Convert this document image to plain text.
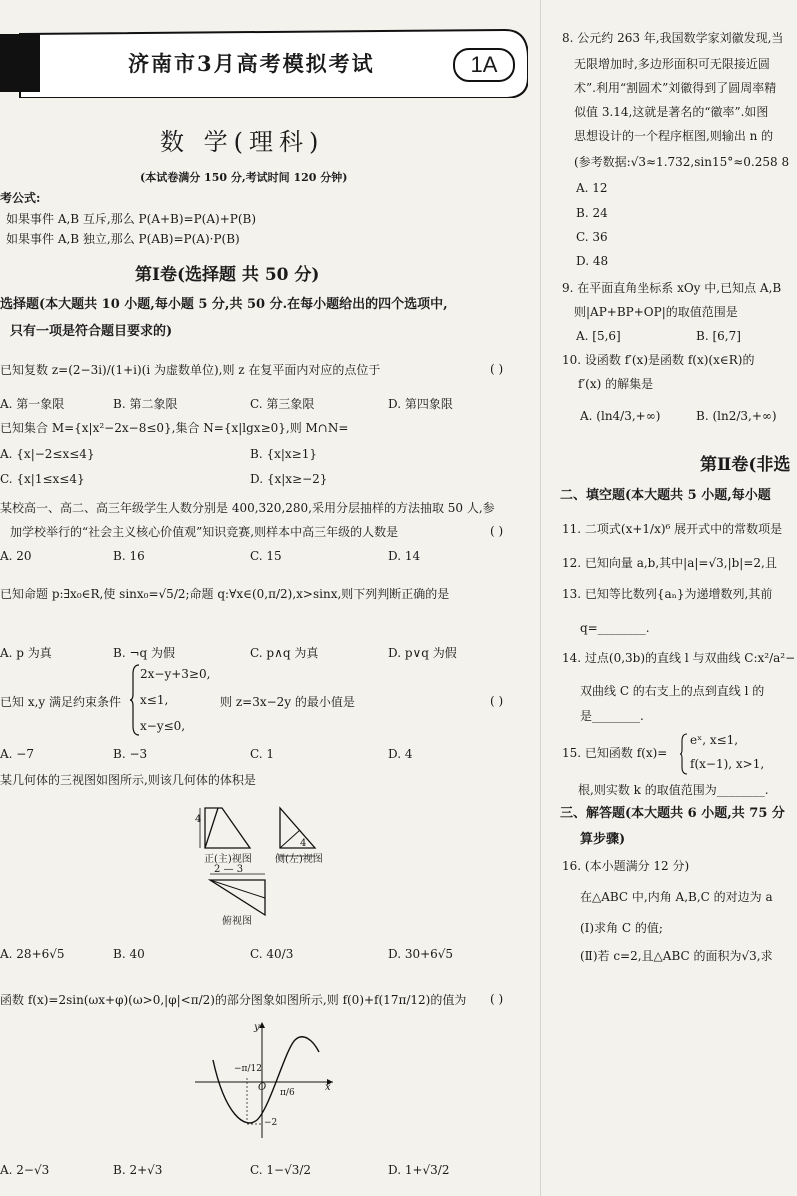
济南市3月高考模拟考试	1A
数 学(理科)
(本试卷满分 150 分,考试时间 120 分钟)
考公式:
如果事件 A,B 互斥,那么 P(A+B)=P(A)+P(B)
如果事件 A,B 独立,那么 P(AB)=P(A)·P(B)
第Ⅰ卷(选择题 共 50 分)
选择题(本大题共 10 小题,每小题 5 分,共 50 分.在每小题给出的四个选项中,
只有一项是符合题目要求的)
已知复数 z=(2−3i)/(1+i)(i 为虚数单位),则 z 在复平面内对应的点位于	( )
A. 第一象限	B. 第二象限	C. 第三象限	D. 第四象限
已知集合 M={x|x²−2x−8≤0},集合 N={x|lgx≥0},则 M∩N=
A. {x|−2≤x≤4}	B. {x|x≥1}
C. {x|1≤x≤4}	D. {x|x≥−2}
某校高一、高二、高三年级学生人数分别是 400,320,280,采用分层抽样的方法抽取 50 人,参
加学校举行的“社会主义核心价值观”知识竞赛,则样本中高三年级的人数是	( )
A. 20	B. 16	C. 15	D. 14
已知命题 p:∃x₀∈R,使 sinx₀=√5/2;命题 q:∀x∈(0,π/2),x>sinx,则下列判断正确的是
A. p 为真	B. ¬q 为假	C. p∧q 为真	D. p∨q 为假
已知 x,y 满足约束条件
2x−y+3≥0,
x≤1,
x−y≤0,
则 z=3x−2y 的最小值是	( )
A. −7	B. −3	C. 1	D. 4
某几何体的三视图如图所示,则该几何体的体积是
4
4
2 — 3
正(主)视图 侧(左)视图
俯视图
A. 28+6√5	B. 40	C. 40/3	D. 30+6√5
函数 f(x)=2sin(ωx+φ)(ω>0,|φ|<π/2)的部分图象如图所示,则 f(0)+f(17π/12)的值为 ( )
y
x
O
−π/12
π/6
−2
A. 2−√3	B. 2+√3	C. 1−√3/2	D. 1+√3/2
8. 公元约 263 年,我国数学家刘徽发现,当
无限增加时,多边形面积可无限接近圆
术”.利用“割圆术”刘徽得到了圆周率精
似值 3.14,这就是著名的“徽率”.如图
思想设计的一个程序框图,则输出 n 的
(参考数据:√3≈1.732,sin15°≈0.258 8
A. 12
B. 24
C. 36
D. 48
9. 在平面直角坐标系 xOy 中,已知点 A,B
则|AP+BP+OP|的取值范围是
A. [5,6]	B. [6,7]
10. 设函数 f′(x)是函数 f(x)(x∈R)的
f′(x) 的解集是
A. (ln4/3,+∞)	B. (ln2/3,+∞)
第Ⅱ卷(非选
二、填空题(本大题共 5 小题,每小题
11. 二项式(x+1/x)⁶ 展开式中的常数项是
12. 已知向量 a,b,其中|a|=√3,|b|=2,且
13. 已知等比数列{aₙ}为递增数列,其前
q=________.
14. 过点(0,3b)的直线 l 与双曲线 C:x²/a²−
双曲线 C 的右支上的点到直线 l 的
是________.
15. 已知函数 f(x)=
eˣ, x≤1,
f(x−1), x>1,
根,则实数 k 的取值范围为________.
三、解答题(本大题共 6 小题,共 75 分
算步骤)
16. (本小题满分 12 分)
在△ABC 中,内角 A,B,C 的对边为 a
(Ⅰ)求角 C 的值;
(Ⅱ)若 c=2,且△ABC 的面积为√3,求
